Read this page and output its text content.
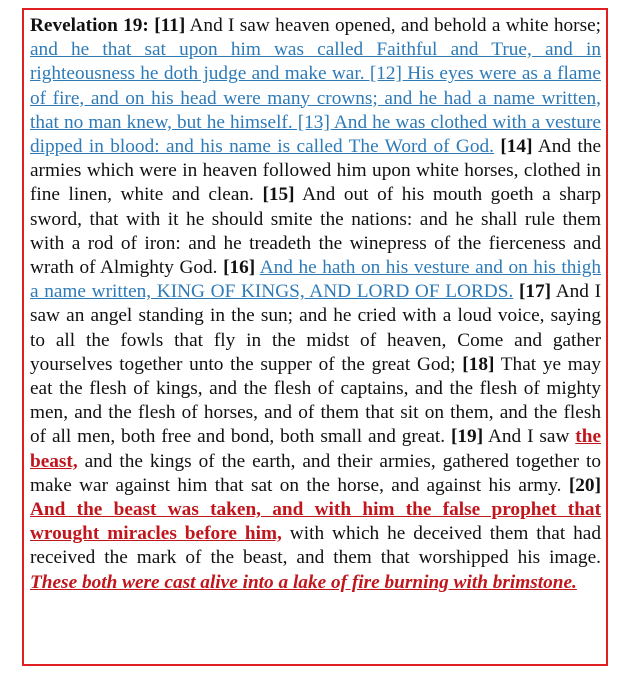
Revelation 19: [11] And I saw heaven opened, and behold a white horse; and he that sat upon him was called Faithful and True, and in righteousness he doth judge and make war. [12] His eyes were as a flame of fire, and on his head were many crowns; and he had a name written, that no man knew, but he himself. [13] And he was clothed with a vesture dipped in blood: and his name is called The Word of God. [14] And the armies which were in heaven followed him upon white horses, clothed in fine linen, white and clean. [15] And out of his mouth goeth a sharp sword, that with it he should smite the nations: and he shall rule them with a rod of iron: and he treadeth the winepress of the fierceness and wrath of Almighty God. [16] And he hath on his vesture and on his thigh a name written, KING OF KINGS, AND LORD OF LORDS. [17] And I saw an angel standing in the sun; and he cried with a loud voice, saying to all the fowls that fly in the midst of heaven, Come and gather yourselves together unto the supper of the great God; [18] That ye may eat the flesh of kings, and the flesh of captains, and the flesh of mighty men, and the flesh of horses, and of them that sit on them, and the flesh of all men, both free and bond, both small and great. [19] And I saw the beast, and the kings of the earth, and their armies, gathered together to make war against him that sat on the horse, and against his army. [20] And the beast was taken, and with him the false prophet that wrought miracles before him, with which he deceived them that had received the mark of the beast, and them that worshipped his image. These both were cast alive into a lake of fire burning with brimstone.
